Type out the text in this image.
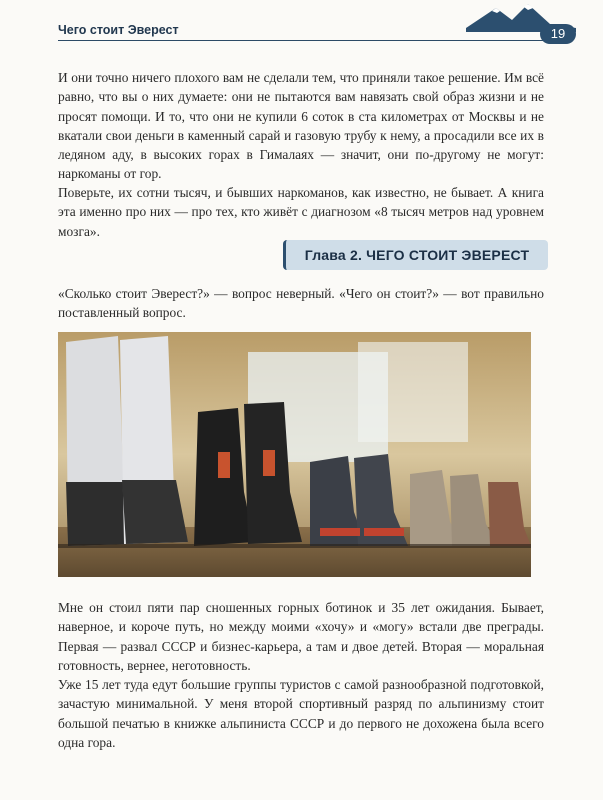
Чего стоит Эверест	19

И они точно ничего плохого вам не сделали тем, что приняли такое решение. Им всё равно, что вы о них думаете: они не пытаются вам навязать свой образ жизни и не просят помощи. И то, что они не купили 6 соток в ста километрах от Москвы и не вкатали свои деньги в каменный сарай и газовую трубу к нему, а просадили все их в ледяном аду, в высоких горах в Гималаях — значит, они по-другому не могут: наркоманы от гор.

Поверьте, их сотни тысяч, и бывших наркоманов, как известно, не бывает. А книга эта именно про них — про тех, кто живёт с диагнозом «8 тысяч метров над уровнем мозга».

Глава 2. ЧЕГО СТОИТ ЭВЕРЕСТ

«Сколько стоит Эверест?» — вопрос неверный. «Чего он стоит?» — вот правильно поставленный вопрос.

Мне он стоил пяти пар сношенных горных ботинок и 35 лет ожидания. Бывает, наверное, и короче путь, но между моими «хочу» и «могу» встали две преграды. Первая — развал СССР и бизнес-карьера, а там и двое детей. Вторая — моральная готовность, вернее, неготовность.

Уже 15 лет туда едут большие группы туристов с самой разнообразной подготовкой, зачастую минимальной. У меня второй спортивный разряд по альпинизму стоит большой печатью в книжке альпиниста СССР и до первого не дохожена была всего одна гора.
